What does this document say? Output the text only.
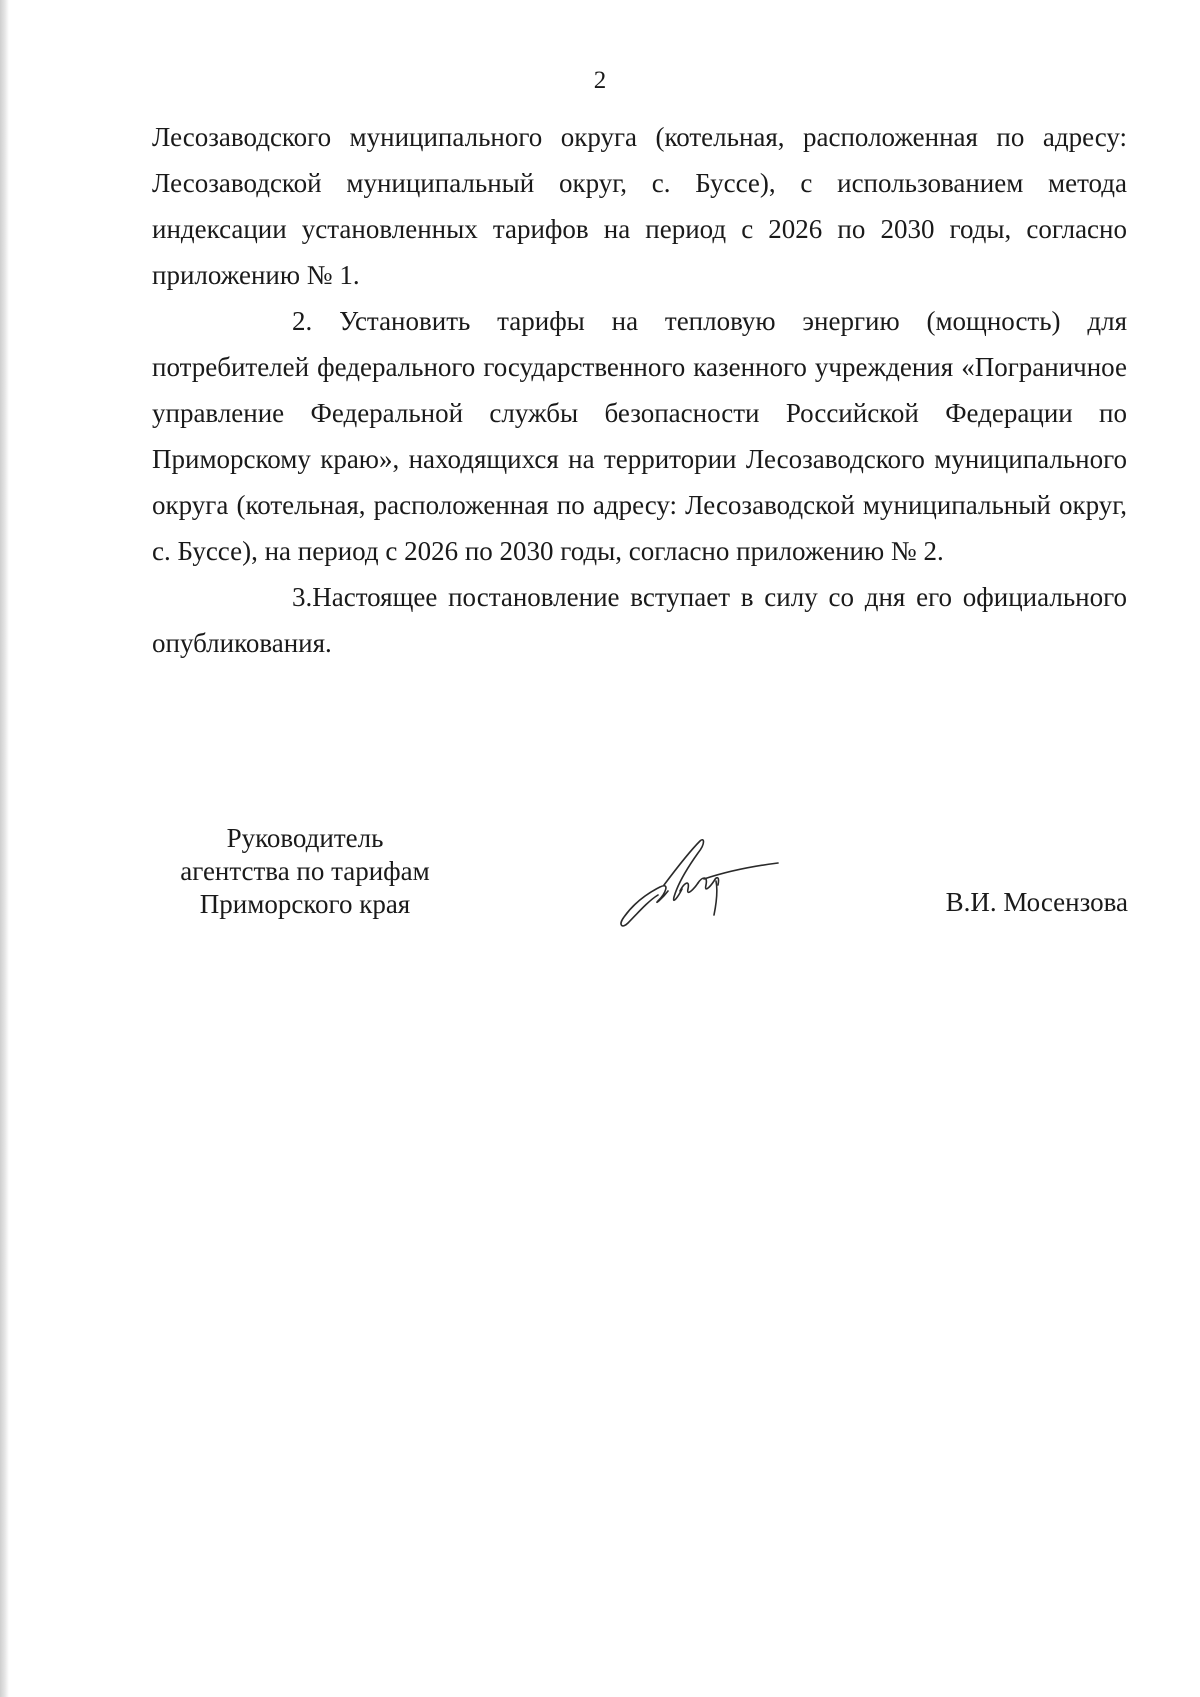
2

Лесозаводского муниципального округа (котельная, расположенная по адресу: Лесозаводской муниципальный округ, с. Буссе), с использованием метода индексации установленных тарифов на период с 2026 по 2030 годы, согласно приложению № 1.

2. Установить тарифы на тепловую энергию (мощность) для потребителей федерального государственного казенного учреждения «Пограничное управление Федеральной службы безопасности Российской Федерации по Приморскому краю», находящихся на территории Лесозаводского муниципального округа (котельная, расположенная по адресу: Лесозаводской муниципальный округ, с. Буссе), на период с 2026 по 2030 годы, согласно приложению № 2.

3.Настоящее постановление вступает в силу со дня его официального опубликования.

Руководитель
агентства по тарифам
Приморского края	В.И. Мосензова
